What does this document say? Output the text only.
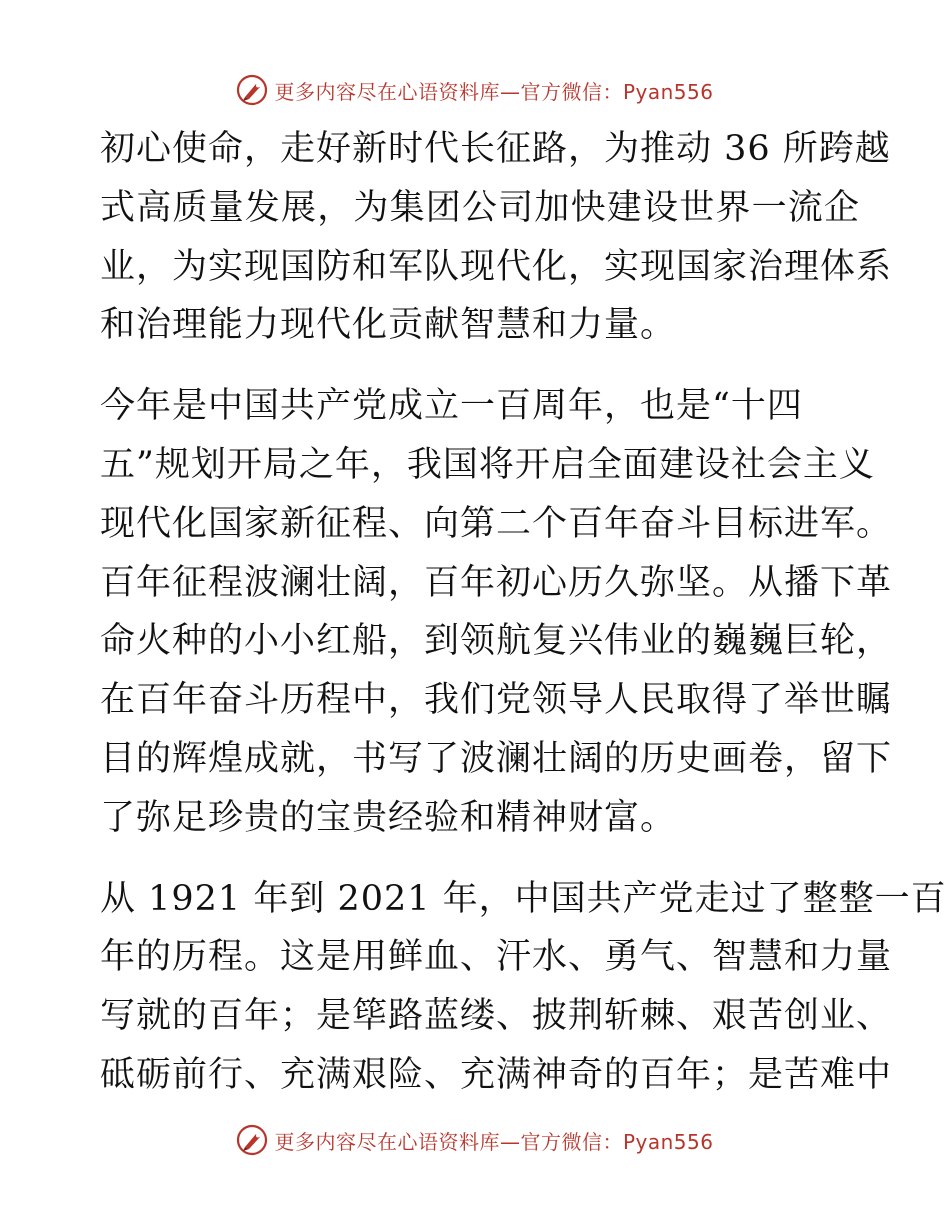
更多内容尽在心语资料库—官方微信：Pyan556
初心使命，走好新时代长征路，为推动 36 所跨越
式高质量发展，为集团公司加快建设世界一流企
业，为实现国防和军队现代化，实现国家治理体系
和治理能力现代化贡献智慧和力量。
今年是中国共产党成立一百周年，也是“十四
五”规划开局之年，我国将开启全面建设社会主义
现代化国家新征程、向第二个百年奋斗目标进军。
百年征程波澜壮阔，百年初心历久弥坚。从播下革
命火种的小小红船，到领航复兴伟业的巍巍巨轮，
在百年奋斗历程中，我们党领导人民取得了举世瞩
目的辉煌成就，书写了波澜壮阔的历史画卷，留下
了弥足珍贵的宝贵经验和精神财富。
从 1921 年到 2021 年，中国共产党走过了整整一百
年的历程。这是用鲜血、汗水、勇气、智慧和力量
写就的百年；是筚路蓝缕、披荆斩棘、艰苦创业、
砥砺前行、充满艰险、充满神奇的百年；是苦难中
更多内容尽在心语资料库—官方微信：Pyan556
